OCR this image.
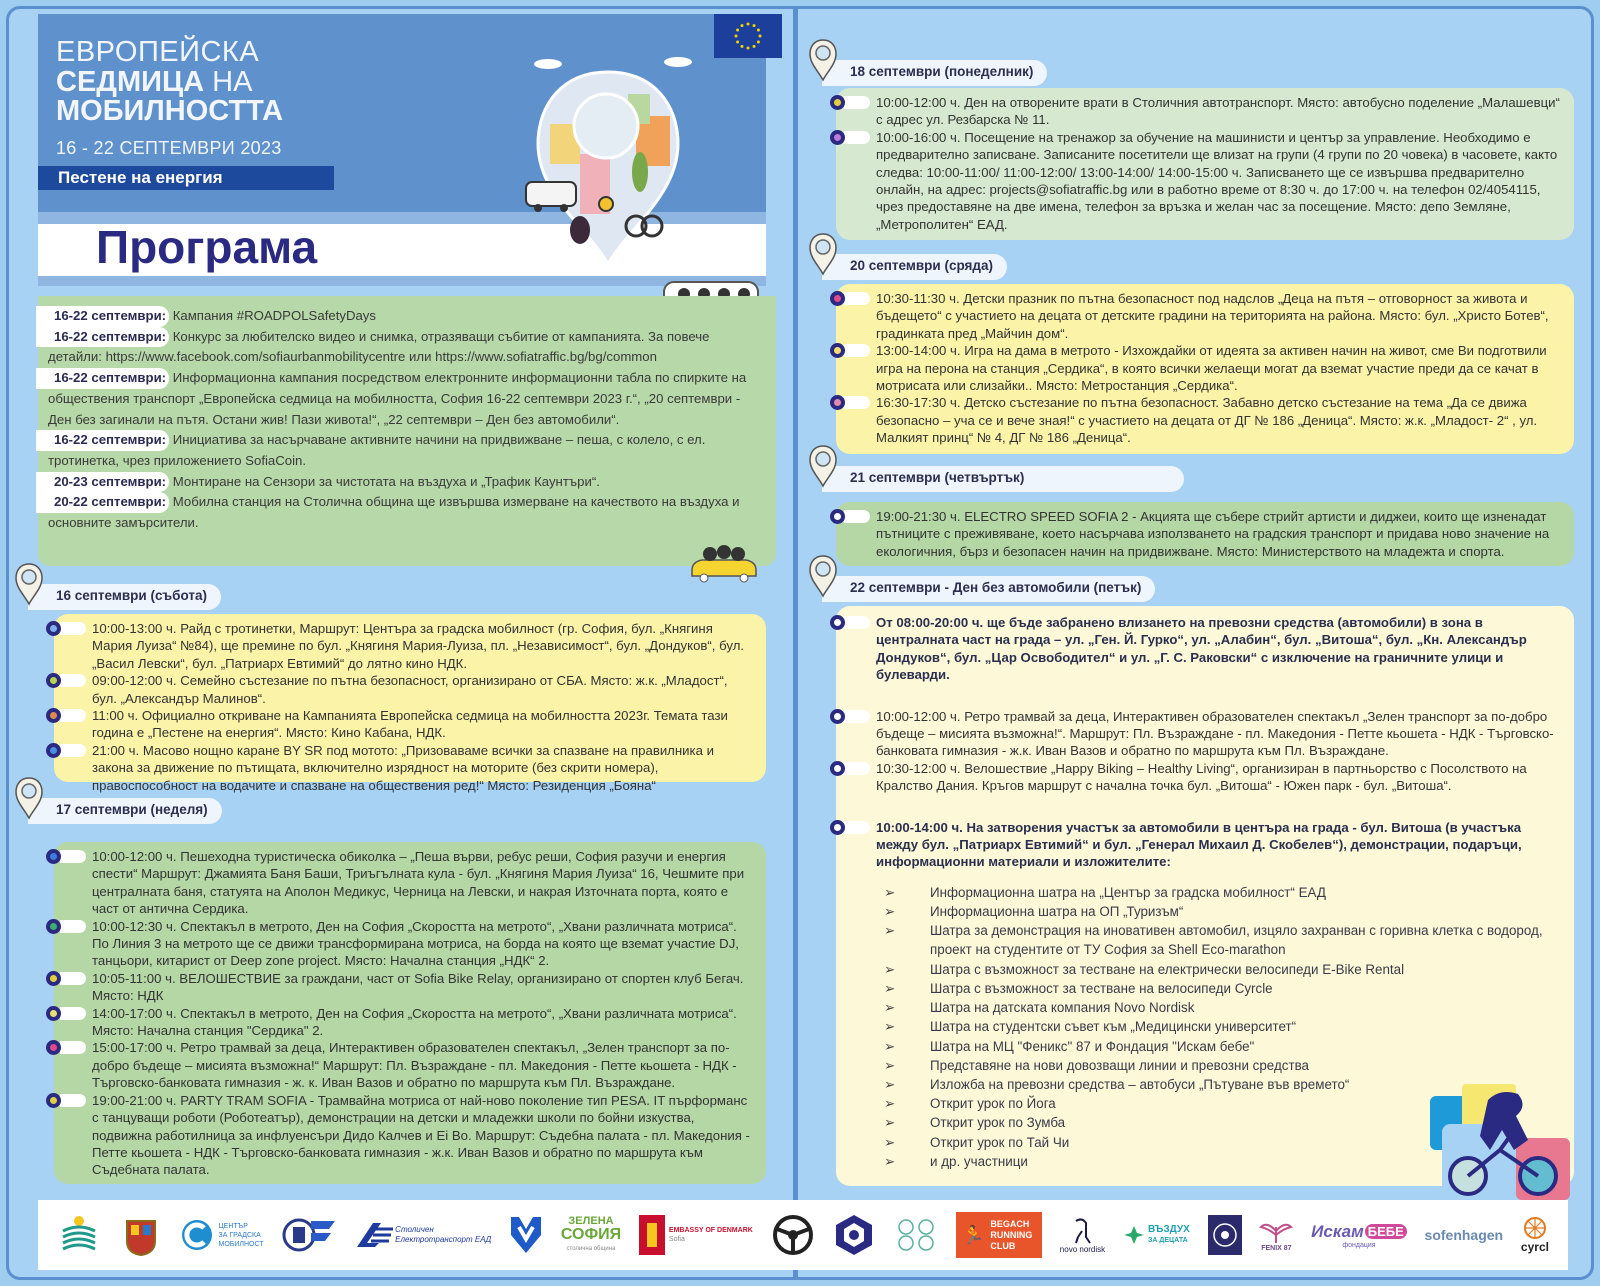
ЕВРОПЕЙСКА
СЕДМИЦА НА
МОБИЛНОСТТА
16 - 22 СЕПТЕМВРИ 2023
Пестене на енергия
Програма
16-22 септември: Кампания #ROADPOLSafetyDays
16-22 септември: Конкурс за любителско видео и снимка, отразяващи събитие от кампанията. За повече детайли: https://www.facebook.com/sofiaurbanmobilitycentre или https://www.sofiatraffic.bg/bg/common
16-22 септември: Информационна кампания посредством електронните информационни табла по спирките на обществения транспорт „Европейска седмица на мобилността, София 16-22 септември 2023 г.“, „20 септември - Ден без загинали на пътя. Остани жив! Пази живота!“, „22 септември – Ден без автомобили“.
16-22 септември: Инициатива за насърчаване активните начини на придвижване – пеша, с колело, с ел. тротинетка, чрез приложението SofiaCoin.
20-23 септември: Монтиране на Сензори за чистотата на въздуха и „Трафик Каунтъри“.
20-22 септември: Мобилна станция на Столична община ще извършва измерване на качеството на въздуха и основните замърсители.
16 септември (събота)
10:00-13:00 ч. Райд с тротинетки, Маршрут: Центъра за градска мобилност (гр. София, бул. „Княгиня Мария Луиза“ №84), ще премине по бул. „Княгиня Мария-Луиза, пл. „Независимост“, бул. „Дондуков“, бул. „Васил Левски“, бул. „Патриарх Евтимий“ до лятно кино НДК.
09:00-12:00 ч. Семейно състезание по пътна безопасност, организирано от СБА. Място: ж.к. „Младост“, бул. „Александър Малинов“.
11:00 ч. Официално откриване на Кампанията Европейска седмица на мобилността 2023г. Темата тази година е „Пестене на енергия“. Място: Кино Кабана, НДК.
21:00 ч. Масово нощно каране BY SR под мотото: „Призоваваме всички за спазване на правилника и закона за движение по пътищата, включително изрядност на моторите (без скрити номера), правоспособност на водачите и спазване на обществения ред!“ Място: Резиденция „Бояна“
17 септември (неделя)
10:00-12:00 ч. Пешеходна туристическа обиколка – „Пеша върви, ребус реши, София разучи и енергия спести“ Маршрут: Джамията Баня Баши, Триъгълната кула - бул. „Княгиня Мария Луиза“ 16, Чешмите при централната баня, статуята на Аполон Медикус, Черница на Левски, и накрая Източната порта, която е част от антична Сердика.
10:00-12:30 ч. Спектакъл в метрото, Ден на София „Скоростта на метрото“, „Хвани различната мотриса“. По Линия 3 на метрото ще се движи трансформирана мотриса, на борда на която ще вземат участие DJ, танцьори, китарист от Deep zone project. Място: Начална станция „НДК“ 2.
10:05-11:00 ч. ВЕЛОШЕСТВИЕ за граждани, част от Sofia Bike Relay, организирано от спортен клуб Бегач. Място: НДК
14:00-17:00 ч. Спектакъл в метрото, Ден на София „Скоростта на метрото“, „Хвани различната мотриса“. Място: Начална станция "Сердика" 2.
15:00-17:00 ч. Ретро трамвай за деца, Интерактивен образователен спектакъл, „Зелен транспорт за по-добро бъдеще – мисията възможна!“ Маршрут: Пл. Възраждане - пл. Македония - Петте кьошета - НДК - Търговско-банковата гимназия - ж. к. Иван Вазов и обратно по маршрута към Пл. Възраждане.
19:00-21:00 ч. PARTY TRAM SOFIA - Трамвайна мотриса от най-ново поколение тип PESA. IT пърформанс с танцуващи роботи (Роботеатър), демонстрации на детски и младежки школи по бойни изкуства, подвижна работилница за инфлуенсъри Дидо Калчев и Ei Bo. Маршрут: Съдебна палата - пл. Македония - Петте кьошета - НДК - Търговско-банковата гимназия - ж.к. Иван Вазов и обратно по маршрута към Съдебната палата.
18 септември (понеделник)
10:00-12:00 ч. Ден на отворените врати в Столичния автотранспорт. Място: автобусно поделение „Малашевци“ с адрес ул. Резбарска № 11.
10:00-16:00 ч. Посещение на тренажор за обучение на машинисти и център за управление. Необходимо е предварително записване. Записаните посетители ще влизат на групи (4 групи по 20 човека) в часовете, както следва: 10:00-11:00/ 11:00-12:00/ 13:00-14:00/ 14:00-15:00 ч. Записването ще се извършва предварително онлайн, на адрес: projects@sofiatraffic.bg или в работно време от 8:30 ч. до 17:00 ч. на телефон 02/4054115, чрез предоставяне на две имена, телефон за връзка и желан час за посещение. Място: депо Земляне, „Метрополитен“ ЕАД.
20 септември (сряда)
10:30-11:30 ч. Детски празник по пътна безопасност под надслов „Деца на пътя – отговорност за живота и бъдещето“ с участието на децата от детските градини на територията на района. Място: бул. „Христо Ботев“, градинката пред „Майчин дом“.
13:00-14:00 ч. Игра на дама в метрото - Изхождайки от идеята за активен начин на живот, сме Ви подготвили игра на перона на станция „Сердика“, в която всички желаещи могат да вземат участие преди да се качат в мотрисата или слизайки.. Място: Метростанция „Сердика“.
16:30-17:30 ч. Детско състезание по пътна безопасност. Забавно детско състезание на тема „Да се движа безопасно – уча се и вече зная!“ с участието на децата от ДГ № 186 „Деница“. Място: ж.к. „Младост- 2“ , ул. Малкият принц“ № 4, ДГ № 186 „Деница“.
21 септември (четвъртък)
19:00-21:30 ч. ELECTRO SPEED SOFIA 2 - Акцията ще събере стрийт артисти и диджеи, които ще изненадат пътниците с преживяване, което насърчава използването на градския транспорт и придава ново значение на екологичния, бърз и безопасен начин на придвижване. Място: Министерството на младежта и спорта.
22 септември - Ден без автомобили (петък)
От 08:00-20:00 ч. ще бъде забранено влизането на превозни средства (автомобили) в зона в централната част на града – ул. „Ген. Й. Гурко“, ул. „Алабин“, бул. „Витоша“, бул. „Кн. Александър Дондуков“, бул. „Цар Освободител“ и ул. „Г. С. Раковски“ с изключение на граничните улици и булеварди.
10:00-12:00 ч. Ретро трамвай за деца, Интерактивен образователен спектакъл „Зелен транспорт за по-добро бъдеще – мисията възможна!“. Маршрут: Пл. Възраждане - пл. Македония - Петте кьошета - НДК - Търговско-банковата гимназия - ж.к. Иван Вазов и обратно по маршрута към Пл. Възраждане.
10:30-12:00 ч. Велошествие „Happy Biking – Healthy Living“, организиран в партньорство с Посолството на Кралство Дания. Кръгов маршрут с начална точка бул. „Витоша“ - Южен парк - бул. „Витоша“.
10:00-14:00 ч. На затворения участък за автомобили в центъра на града - бул. Витоша (в участъка между бул. „Патриарх Евтимий“ и бул. „Генерал Михаил Д. Скобелев“), демонстрации, подаръци, информационни материали и изложителите:
➢	Информационна шатра на „Център за градска мобилност“ ЕАД
➢	Информационна шатра на ОП „Туризъм“
➢	Шатра за демонстрация на иновативен автомобил, изцяло захранван с горивна клетка с водород, проект на студентите от ТУ София за Shell Eco-marathon
➢	Шатра с възможност за тестване на електрически велосипеди E-Bike Rental
➢	Шатра с възможност за тестване на велосипеди Cyrcle
➢	Шатра на датската компания Novo Nordisk
➢	Шатра на студентски съвет към „Медицински университет“
➢	Шатра на МЦ "Феникс" 87 и Фондация "Искам бебе"
➢	Представяне на нови довозващи линии и превозни средства
➢	Изложба на превозни средства – автобуси „Пътуване във времето“
➢	Открит урок по Йога
➢	Открит урок по Зумба
➢	Открит урок по Тай Чи
➢	и др. участници
ЦЕНТЪР
ЗА ГРАДСКА
МОБИЛНОСТ
Столичен
Електротранспорт ЕАД
ЗЕЛЕНА
СОФИЯ
столична община
EMBASSY OF DENMARK
Sofia	🏃
BEGACH
RUNNING
CLUB	novo nordisk
ВЪЗДУХ
ЗА ДЕЦАТА
FENIX 87
Искам БЕБЕ
фондация
sofenhagen
cyrcl
